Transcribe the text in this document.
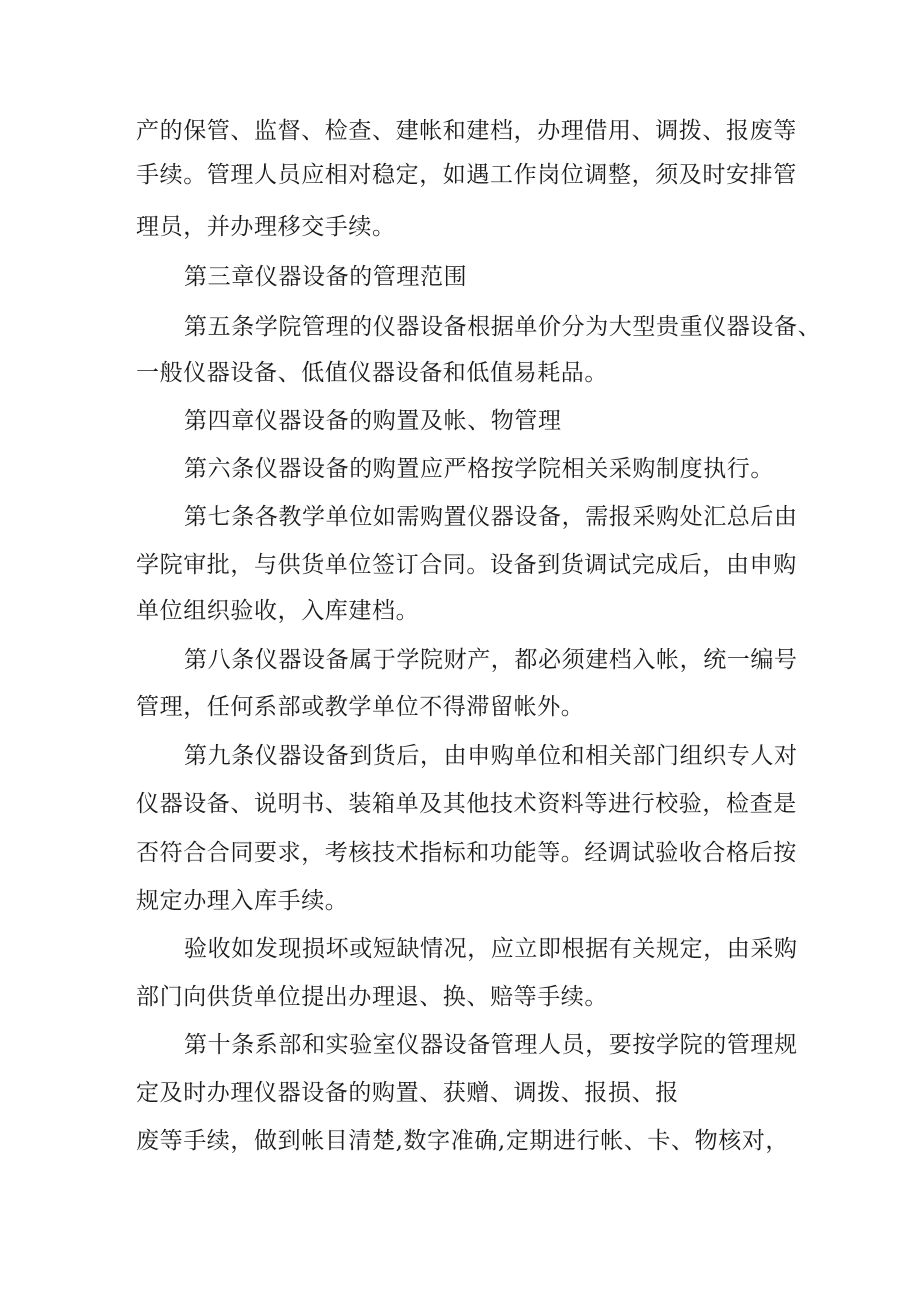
产的保管、监督、检查、建帐和建档，办理借用、调拨、报废等
手续。管理人员应相对稳定，如遇工作岗位调整，须及时安排管
理员，并办理移交手续。
第三章仪器设备的管理范围
第五条学院管理的仪器设备根据单价分为大型贵重仪器设备、
一般仪器设备、低值仪器设备和低值易耗品。
第四章仪器设备的购置及帐、物管理
第六条仪器设备的购置应严格按学院相关采购制度执行。
第七条各教学单位如需购置仪器设备，需报采购处汇总后由
学院审批，与供货单位签订合同。设备到货调试完成后，由申购
单位组织验收，入库建档。
第八条仪器设备属于学院财产，都必须建档入帐，统一编号
管理，任何系部或教学单位不得滞留帐外。
第九条仪器设备到货后，由申购单位和相关部门组织专人对
仪器设备、说明书、装箱单及其他技术资料等进行校验，检查是
否符合合同要求，考核技术指标和功能等。经调试验收合格后按
规定办理入库手续。
验收如发现损坏或短缺情况，应立即根据有关规定，由采购
部门向供货单位提出办理退、换、赔等手续。
第十条系部和实验室仪器设备管理人员，要按学院的管理规
定及时办理仪器设备的购置、获赠、调拨、报损、报
废等手续，做到帐目清楚,数字准确,定期进行帐、卡、物核对，
